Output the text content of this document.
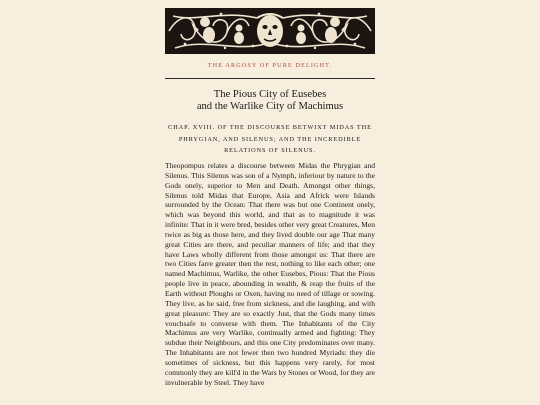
THE ARGOSY OF PURE DELIGHT.
The Pious City of Eusebes
and the Warlike City of Machimus
CHAP. XVIII. OF THE DISCOURSE BETWIXT MIDAS THE PHRYGIAN, AND SILENUS; AND THE INCREDIBLE RELATIONS OF SILENUS.
Theopompus relates a discourse between Midas the Phrygian and Silenus. This Silenus was son of a Nymph, inferiour by nature to the Gods onely, superior to Men and Death. Amongst other things, Silenus told Midas that Europe, Asia and Africk were Islands surrounded by the Ocean: That there was but one Continent onely, which was beyond this world, and that as to magnitude it was infinite: That in it were bred, besides other very great Creatures, Men twice as big as those here, and they lived double our age That many great Cities are there, and peculiar manners of life; and that they have Laws wholly different from those amongst us: That there are two Cities farre greater then the rest, nothing to like each other; one named Machimus, Warlike, the other Eusebes, Pious: That the Pious people live in peace, abounding in wealth, & reap the fruits of the Earth without Ploughs or Oxen, having no need of tillage or sowing. They live, as he said, free from sickness, and die laughing, and with great pleasure: They are so exactly Just, that the Gods many times vouchsafe to converse with them. The Inhabitants of the City Machimus are very Warlike, continually armed and fighting: They subdue their Neighbours, and this one City predominates over many. The Inhabitants are not fewer then two hundred Myriads: they die sometimes of sickness, but this happens very rarely, for most commonly they are kill'd in the Wars by Stones or Wood, for they are invulnerable by Steel. They have
